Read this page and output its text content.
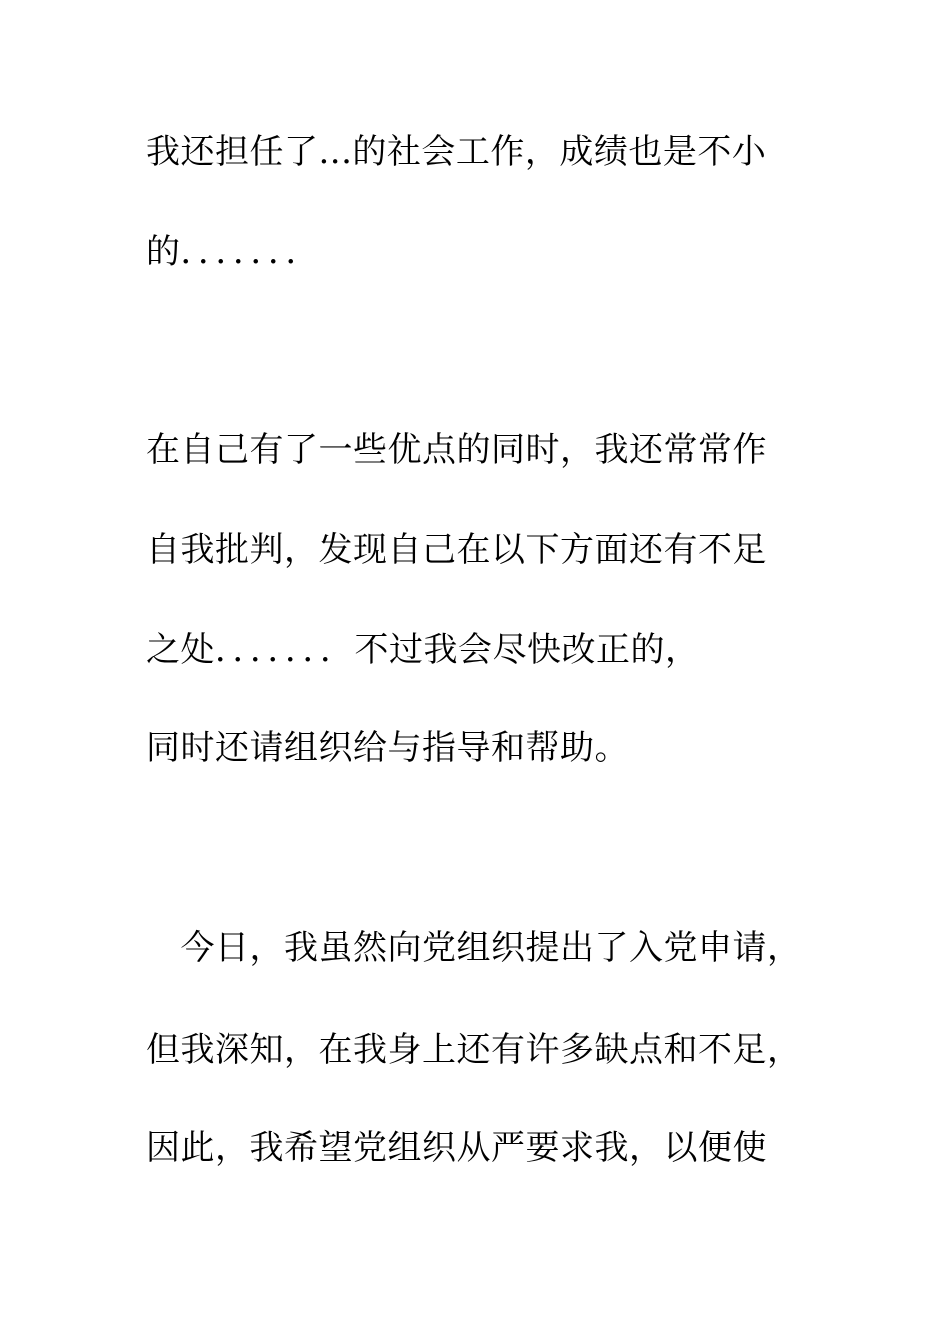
我还担任了...的社会工作，成绩也是不小
的．．．．．．．
在自己有了一些优点的同时，我还常常作
自我批判，发现自己在以下方面还有不足
之处．．．．．．．不过我会尽快改正的，
同时还请组织给与指导和帮助。
　今日，我虽然向党组织提出了入党申请，
但我深知，在我身上还有许多缺点和不足，
因此，我希望党组织从严要求我，以便使
